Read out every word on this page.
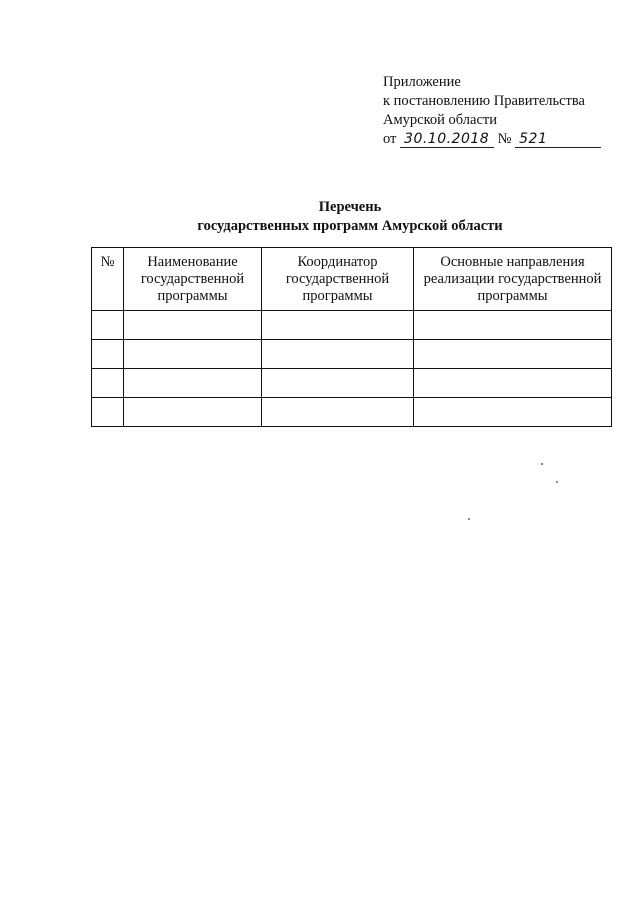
Приложение
к постановлению Правительства
Амурской области
от 30.10.2018 № 521
Перечень
государственных программ Амурской области
№	Наименование государственной программы	Координатор государственной программы	Основные направления реализации государственной программы
